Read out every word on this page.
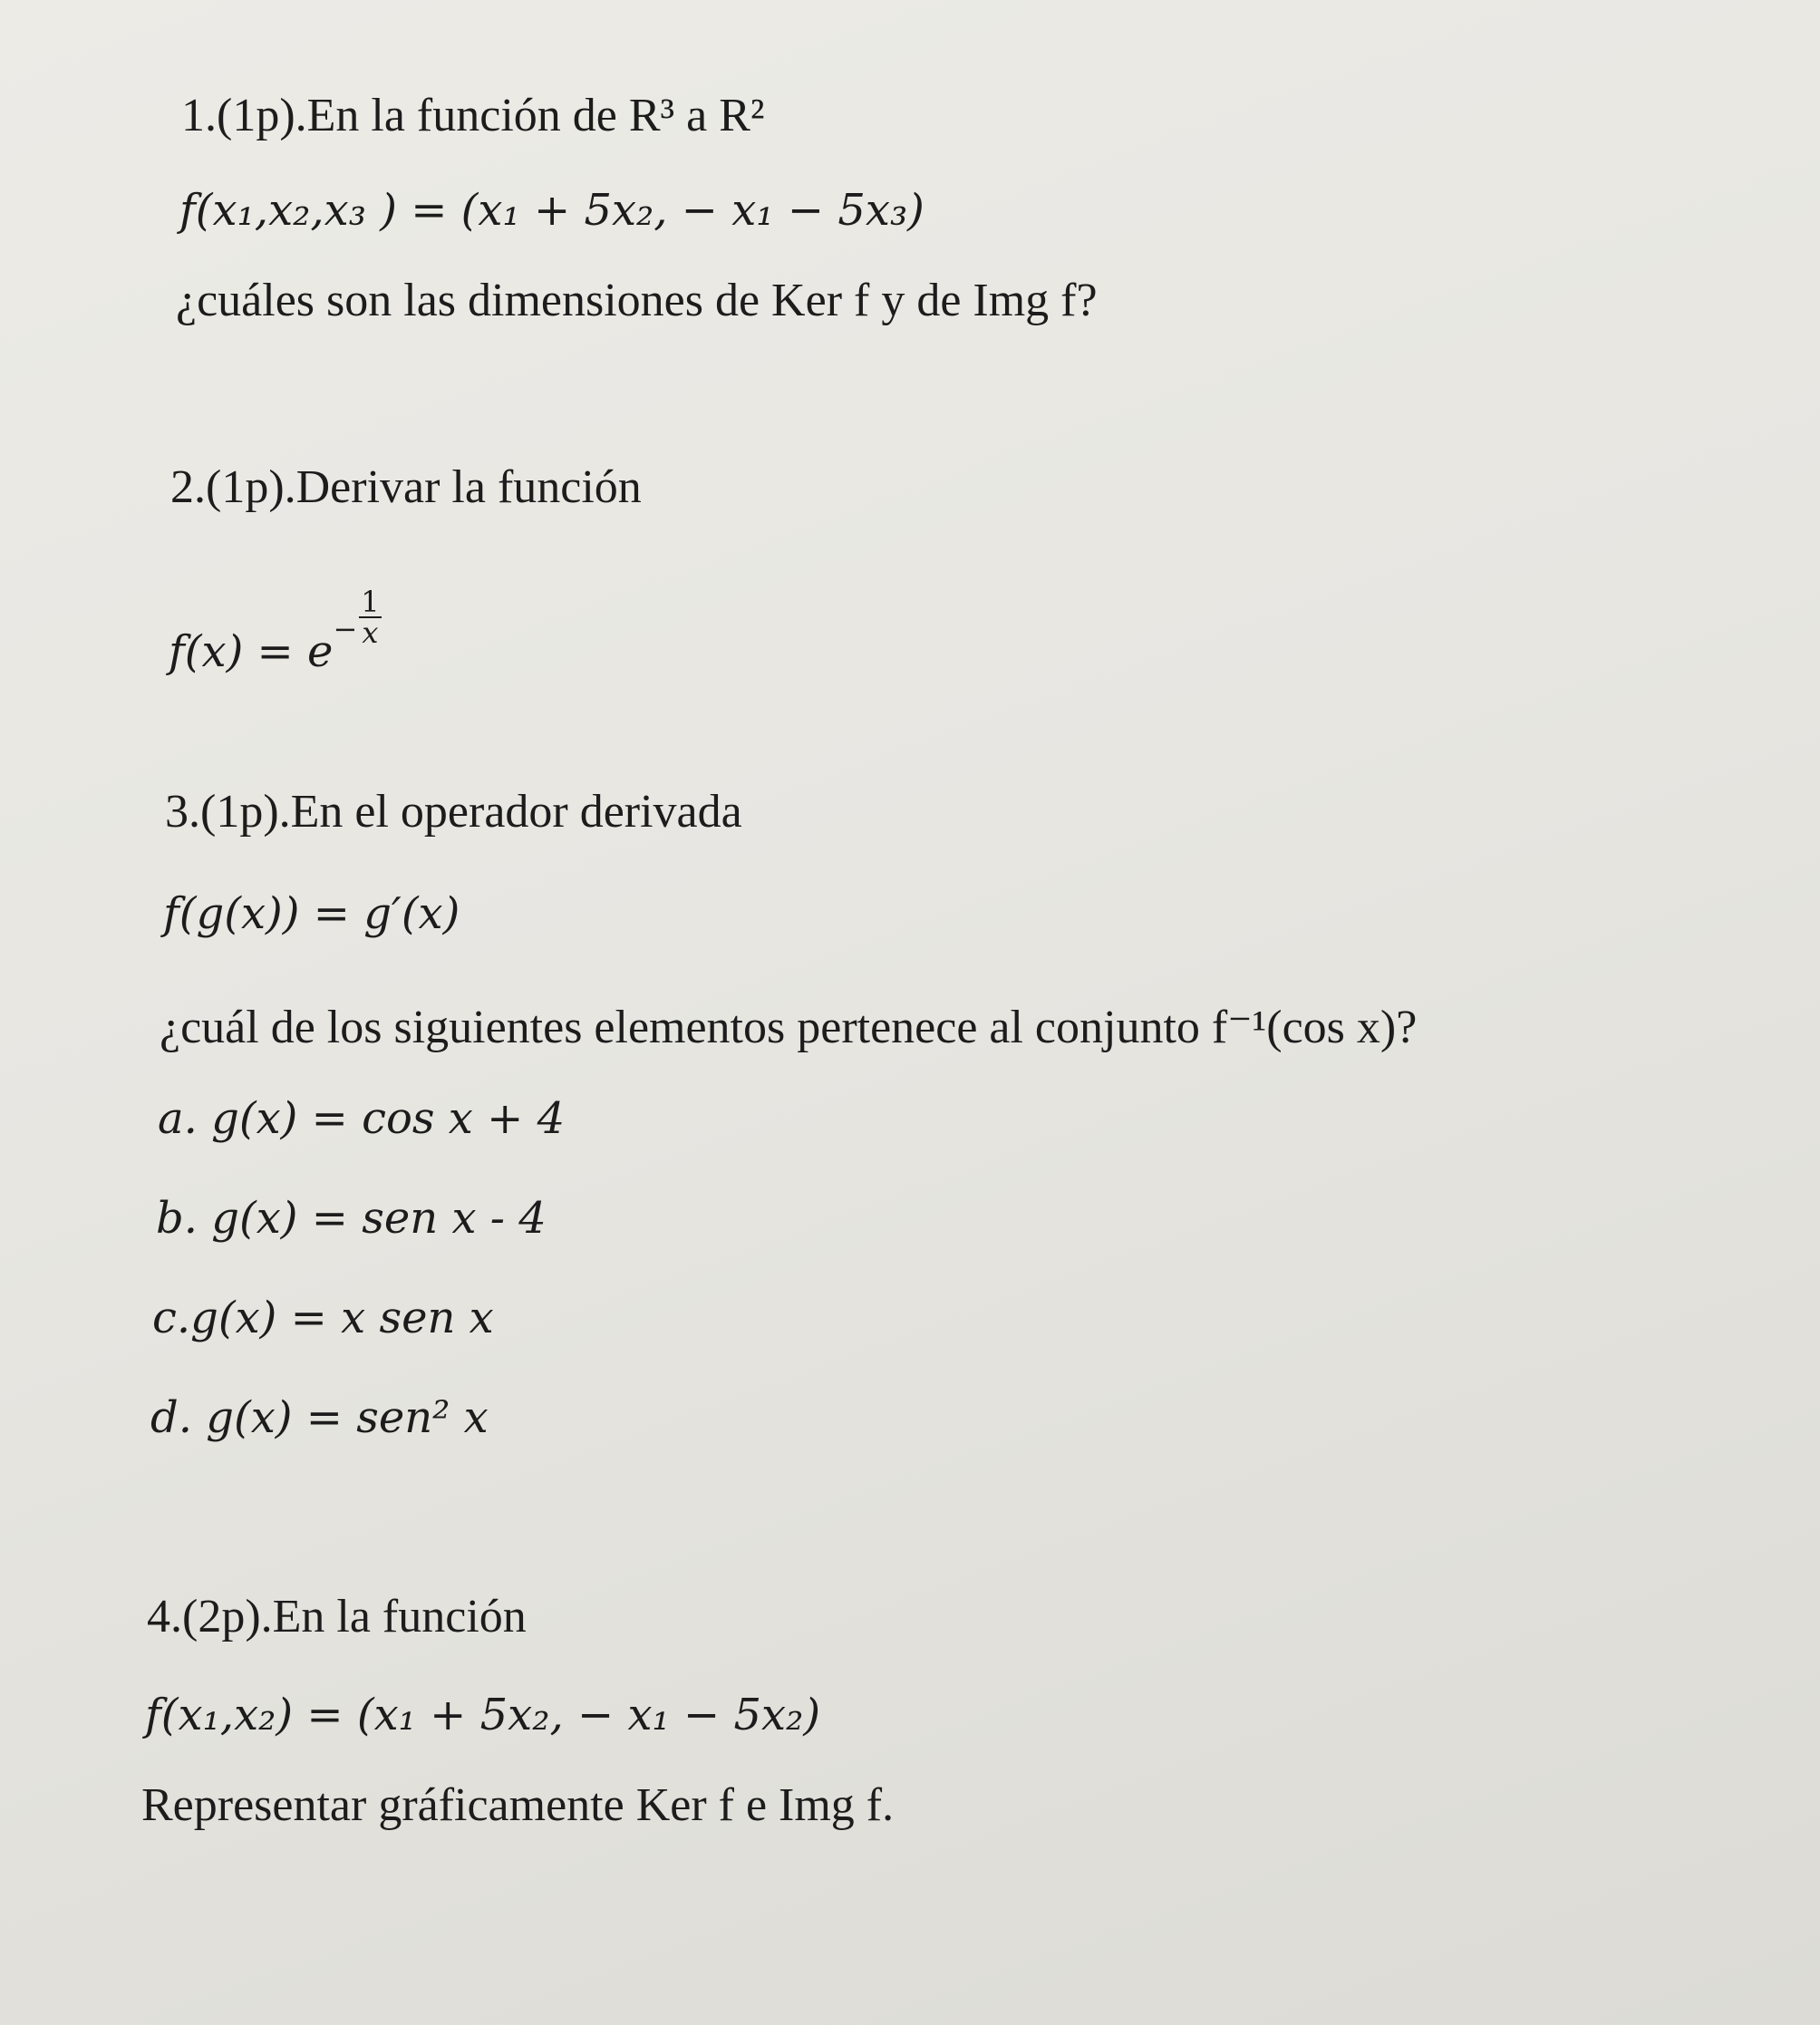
1.(1p).En la función de R³ a R²
f(x₁,x₂,x₃ ) = (x₁ + 5x₂, − x₁ − 5x₃)
¿cuáles son las dimensiones de Ker f y de Img f?
2.(1p).Derivar la función
$f(x) = e^- \frac{1}{x}$
3.(1p).En el operador derivada
f(g(x)) = g′(x)
¿cuál de los siguientes elementos pertenece al conjunto f⁻¹(cos x)?
a. g(x) = cos x + 4
b. g(x) = sen x - 4
c.g(x) = x sen x
d. g(x) = sen² x
4.(2p).En la función
f(x₁,x₂) = (x₁ + 5x₂, − x₁ − 5x₂)
Representar gráficamente Ker f e Img f.
